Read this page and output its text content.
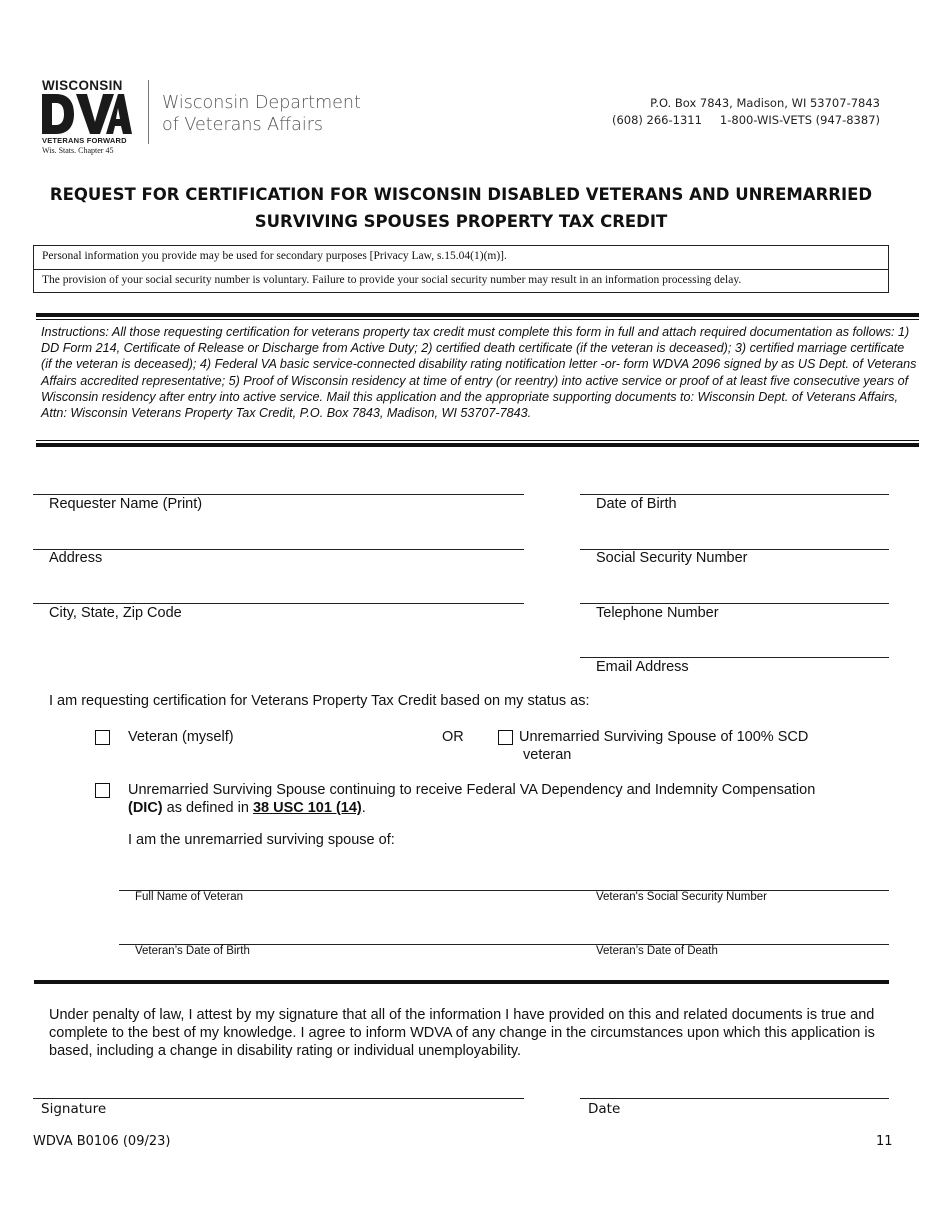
WISCONSIN
VETERANS FORWARD
Wis. Stats. Chapter 45
Wisconsin Department
of Veterans Affairs
P.O. Box 7843, Madison, WI 53707-7843
(608) 266-1311 1-800-WIS-VETS (947-8387)
REQUEST FOR CERTIFICATION FOR WISCONSIN DISABLED VETERANS AND UNREMARRIED
SURVIVING SPOUSES PROPERTY TAX CREDIT
Personal information you provide may be used for secondary purposes [Privacy Law, s.15.04(1)(m)].
The provision of your social security number is voluntary. Failure to provide your social security number may result in an information processing delay.
Instructions: All those requesting certification for veterans property tax credit must complete this form in full and attach required documentation as follows: 1) DD Form 214, Certificate of Release or Discharge from Active Duty; 2) certified death certificate (if the veteran is deceased); 3) certified marriage certificate (if the veteran is deceased); 4) Federal VA basic service-connected disability rating notification letter -or- form WDVA 2096 signed by as US Dept. of Veterans Affairs accredited representative; 5) Proof of Wisconsin residency at time of entry (or reentry) into active service or proof of at least five consecutive years of Wisconsin residency after entry into active service. Mail this application and the appropriate supporting documents to: Wisconsin Dept. of Veterans Affairs, Attn: Wisconsin Veterans Property Tax Credit, P.O. Box 7843, Madison, WI 53707-7843.
Requester Name (Print)	Date of Birth
Address	Social Security Number
City, State, Zip Code	Telephone Number
Email Address
I am requesting certification for Veterans Property Tax Credit based on my status as:
Veteran (myself)	OR	Unremarried Surviving Spouse of 100% SCD
veteran
Unremarried Surviving Spouse continuing to receive Federal VA Dependency and Indemnity Compensation
(DIC) as defined in 38 USC 101 (14).
I am the unremarried surviving spouse of:
Full Name of Veteran	Veteran's Social Security Number
Veteran’s Date of Birth	Veteran’s Date of Death
Under penalty of law, I attest by my signature that all of the information I have provided on this and related documents is true and complete to the best of my knowledge. I agree to inform WDVA of any change in the circumstances upon which this application is based, including a change in disability rating or individual unemployability.
Signature	Date
WDVA B0106 (09/23)	11
